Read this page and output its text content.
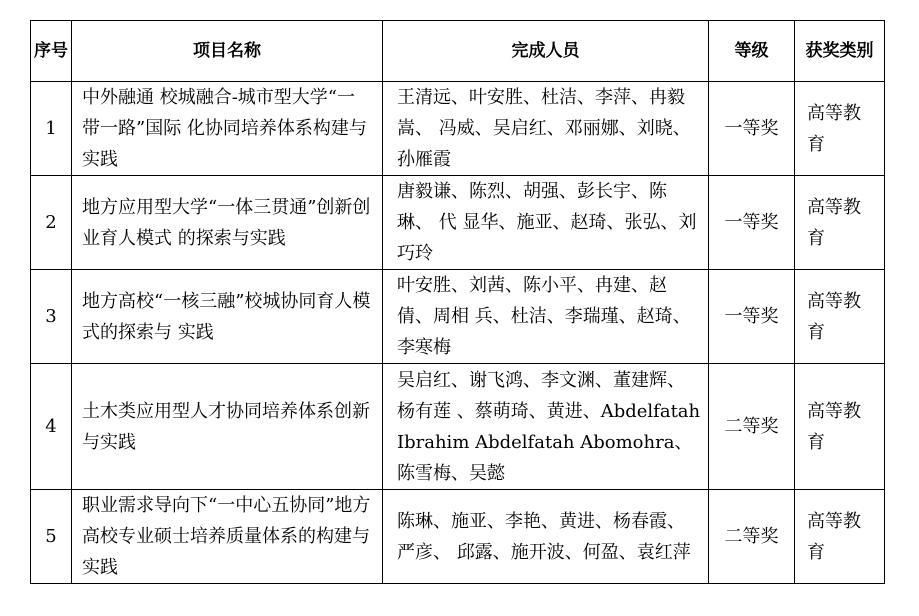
序号	项目名称	完成人员	等级	获奖类别
1	中外融通 校城融合-城市型大学“一带一路”国际 化协同培养体系构建与实践	王清远、叶安胜、杜洁、李萍、冉毅嵩、 冯威、吴启红、邓丽娜、刘晓、孙雁霞	一等奖	高等教育
2	地方应用型大学“一体三贯通”创新创业育人模式 的探索与实践	唐毅谦、陈烈、胡强、彭长宇、陈琳、 代 显华、施亚、赵琦、张弘、刘巧玲	一等奖	高等教育
3	地方高校“一核三融”校城协同育人模式的探索与 实践	叶安胜、刘茜、陈小平、冉建、赵倩、周相 兵、杜洁、李瑞瑾、赵琦、李寒梅	一等奖	高等教育
4	土木类应用型人才协同培养体系创新与实践	吴启红、谢飞鸿、李文渊、董建辉、杨有莲 、蔡萌琦、黄进、Abdelfatah Ibrahim Abdelfatah Abomohra、陈雪梅、吴懿	二等奖	高等教育
5	职业需求导向下“一中心五协同”地方高校专业硕士培养质量体系的构建与实践	陈琳、施亚、李艳、黄进、杨春霞、严彦、 邱露、施开波、何盈、袁红萍	二等奖	高等教育
